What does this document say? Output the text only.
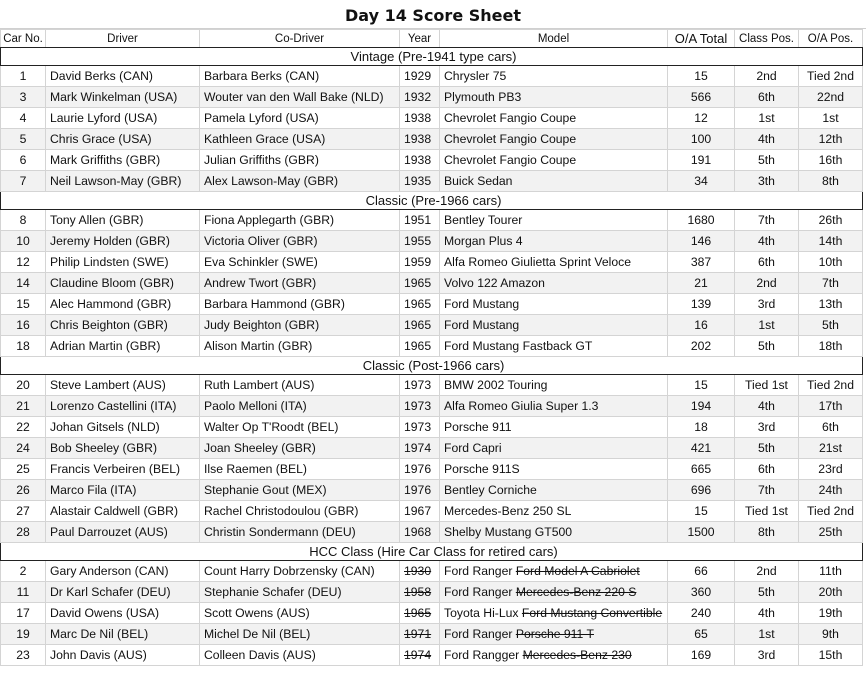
Day 14 Score Sheet
Car No.	Driver	Co-Driver	Year	Model	O/A Total	Class Pos.	O/A Pos.
Vintage (Pre-1941 type cars)							
1	David Berks (CAN)	Barbara Berks (CAN)	1929	Chrysler 75	15	2nd	Tied 2nd
3	Mark Winkelman (USA)	Wouter van den Wall Bake (NLD)	1932	Plymouth PB3	566	6th	22nd
4	Laurie Lyford (USA)	Pamela Lyford (USA)	1938	Chevrolet Fangio Coupe	12	1st	1st
5	Chris Grace (USA)	Kathleen Grace (USA)	1938	Chevrolet Fangio Coupe	100	4th	12th
6	Mark Griffiths (GBR)	Julian Griffiths (GBR)	1938	Chevrolet Fangio Coupe	191	5th	16th
7	Neil Lawson-May (GBR)	Alex Lawson-May (GBR)	1935	Buick Sedan	34	3th	8th
Classic (Pre-1966 cars)							
8	Tony Allen (GBR)	Fiona Applegarth (GBR)	1951	Bentley Tourer	1680	7th	26th
10	Jeremy Holden (GBR)	Victoria Oliver (GBR)	1955	Morgan Plus 4	146	4th	14th
12	Philip Lindsten (SWE)	Eva Schinkler (SWE)	1959	Alfa Romeo Giulietta Sprint Veloce	387	6th	10th
14	Claudine Bloom (GBR)	Andrew Twort (GBR)	1965	Volvo 122 Amazon	21	2nd	7th
15	Alec Hammond (GBR)	Barbara Hammond (GBR)	1965	Ford Mustang	139	3rd	13th
16	Chris Beighton (GBR)	Judy Beighton (GBR)	1965	Ford Mustang	16	1st	5th
18	Adrian Martin (GBR)	Alison Martin (GBR)	1965	Ford Mustang Fastback GT	202	5th	18th
Classic (Post-1966 cars)							
20	Steve Lambert (AUS)	Ruth Lambert (AUS)	1973	BMW 2002 Touring	15	Tied 1st	Tied 2nd
21	Lorenzo Castellini (ITA)	Paolo Melloni (ITA)	1973	Alfa Romeo Giulia Super 1.3	194	4th	17th
22	Johan Gitsels (NLD)	Walter Op T'Roodt (BEL)	1973	Porsche 911	18	3rd	6th
24	Bob Sheeley (GBR)	Joan Sheeley (GBR)	1974	Ford Capri	421	5th	21st
25	Francis Verbeiren (BEL)	Ilse Raemen (BEL)	1976	Porsche 911S	665	6th	23rd
26	Marco Fila (ITA)	Stephanie Gout (MEX)	1976	Bentley Corniche	696	7th	24th
27	Alastair Caldwell (GBR)	Rachel Christodoulou (GBR)	1967	Mercedes-Benz 250 SL	15	Tied 1st	Tied 2nd
28	Paul Darrouzet (AUS)	Christin Sondermann (DEU)	1968	Shelby Mustang GT500	1500	8th	25th
HCC Class (Hire Car Class for retired cars)							
2	Gary Anderson (CAN)	Count Harry Dobrzensky (CAN)	1930	Ford Ranger Ford Model A Cabriolet	66	2nd	11th
11	Dr Karl Schafer (DEU)	Stephanie Schafer (DEU)	1958	Ford Ranger Mercedes-Benz 220 S	360	5th	20th
17	David Owens (USA)	Scott Owens (AUS)	1965	Toyota Hi-Lux Ford Mustang Convertible	240	4th	19th
19	Marc De Nil (BEL)	Michel De Nil (BEL)	1971	Ford Ranger Porsche 911 T	65	1st	9th
23	John Davis (AUS)	Colleen Davis (AUS)	1974	Ford Rangger Mercedes-Benz 230	169	3rd	15th
